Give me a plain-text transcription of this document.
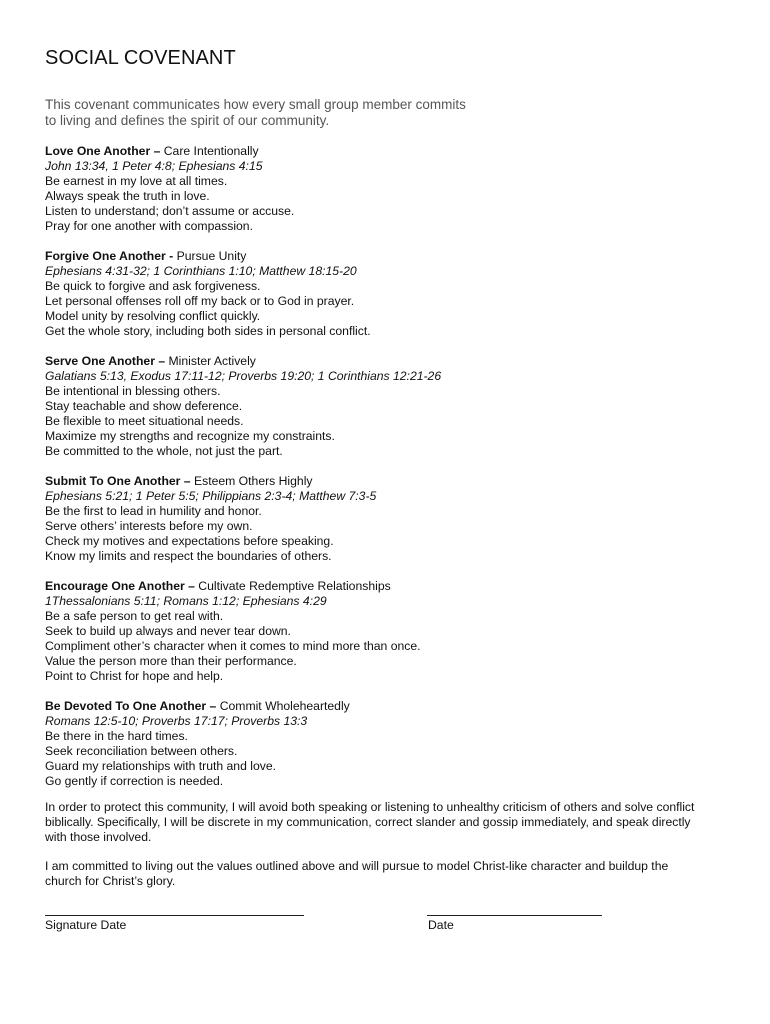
SOCIAL COVENANT
This covenant communicates how every small group member commits
to living and defines the spirit of our community.
Love One Another – Care Intentionally
John 13:34, 1 Peter 4:8; Ephesians 4:15
Be earnest in my love at all times.
Always speak the truth in love.
Listen to understand; don’t assume or accuse.
Pray for one another with compassion.
Forgive One Another - Pursue Unity
Ephesians 4:31-32; 1 Corinthians 1:10; Matthew 18:15-20
Be quick to forgive and ask forgiveness.
Let personal offenses roll off my back or to God in prayer.
Model unity by resolving conflict quickly.
Get the whole story, including both sides in personal conflict.
Serve One Another – Minister Actively
Galatians 5:13, Exodus 17:11-12; Proverbs 19:20; 1 Corinthians 12:21-26
Be intentional in blessing others.
Stay teachable and show deference.
Be flexible to meet situational needs.
Maximize my strengths and recognize my constraints.
Be committed to the whole, not just the part.
Submit To One Another – Esteem Others Highly
Ephesians 5:21; 1 Peter 5:5; Philippians 2:3-4; Matthew 7:3-5
Be the first to lead in humility and honor.
Serve others’ interests before my own.
Check my motives and expectations before speaking.
Know my limits and respect the boundaries of others.
Encourage One Another – Cultivate Redemptive Relationships
1Thessalonians 5:11; Romans 1:12; Ephesians 4:29
Be a safe person to get real with.
Seek to build up always and never tear down.
Compliment other’s character when it comes to mind more than once.
Value the person more than their performance.
Point to Christ for hope and help.
Be Devoted To One Another – Commit Wholeheartedly
Romans 12:5-10; Proverbs 17:17; Proverbs 13:3
Be there in the hard times.
Seek reconciliation between others.
Guard my relationships with truth and love.
Go gently if correction is needed.
In order to protect this community, I will avoid both speaking or listening to unhealthy criticism of others and solve conflict
biblically. Specifically, I will be discrete in my communication, correct slander and gossip immediately, and speak directly
with those involved.
I am committed to living out the values outlined above and will pursue to model Christ-like character and buildup the
church for Christ’s glory.
Signature Date	Date
